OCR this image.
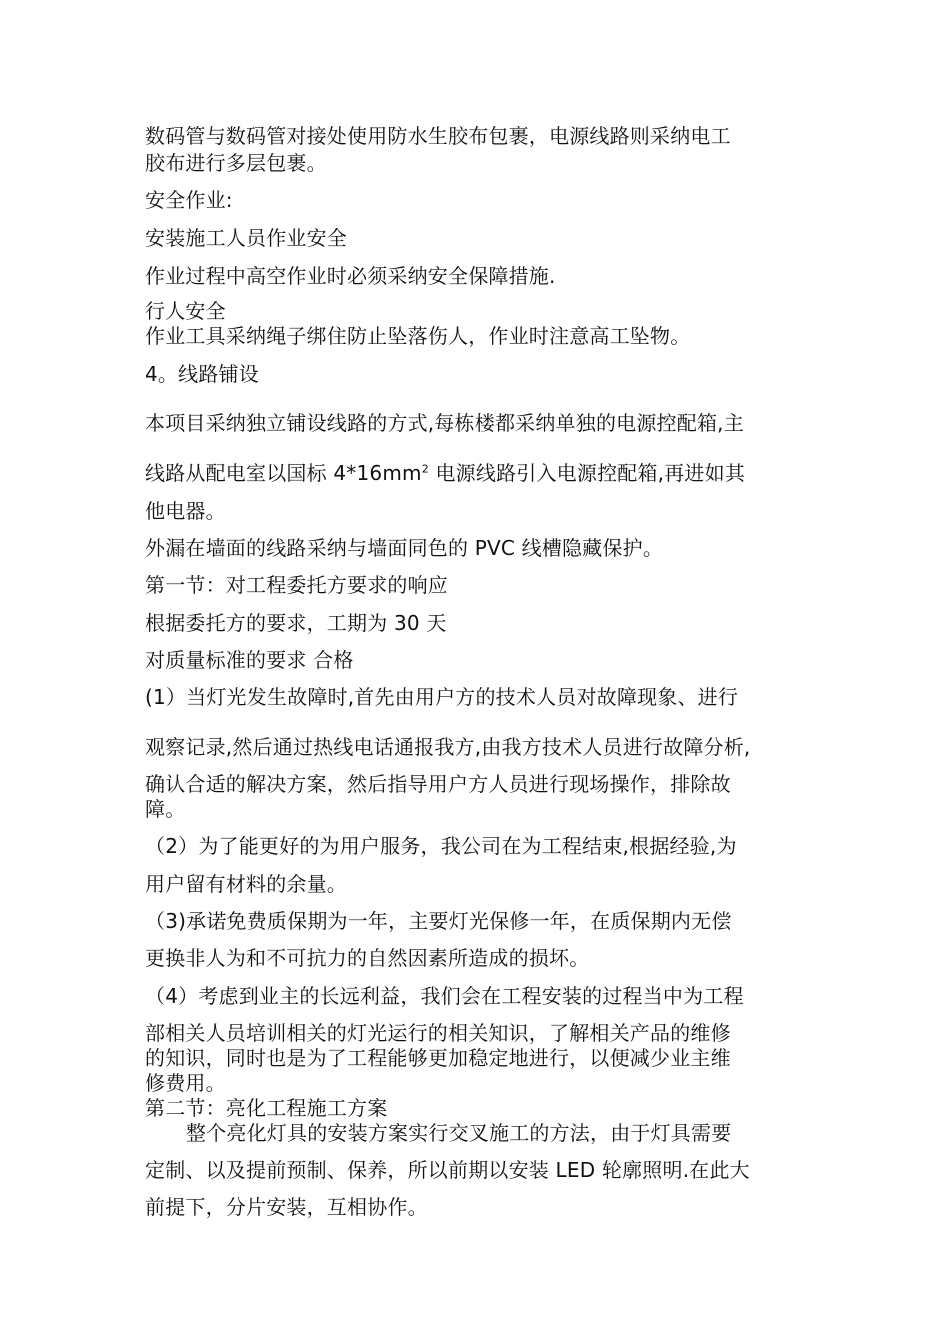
数码管与数码管对接处使用防水生胶布包裹，电源线路则采纳电工
胶布进行多层包裹。
安全作业:
安装施工人员作业安全
作业过程中高空作业时必须采纳安全保障措施.
行人安全
作业工具采纳绳子绑住防止坠落伤人，作业时注意高工坠物。
4。线路铺设
本项目采纳独立铺设线路的方式,每栋楼都采纳单独的电源控配箱,主
线路从配电室以国标 $4*16mm^2$ 电源线路引入电源控配箱,再进如其
他电器。
外漏在墙面的线路采纳与墙面同色的 PVC 线槽隐藏保护。
第一节：对工程委托方要求的响应
根据委托方的要求，工期为 30 天
对质量标准的要求 合格
(1）当灯光发生故障时,首先由用户方的技术人员对故障现象、进行
观察记录,然后通过热线电话通报我方,由我方技术人员进行故障分析,
确认合适的解决方案，然后指导用户方人员进行现场操作，排除故
障。
（2）为了能更好的为用户服务，我公司在为工程结束,根据经验,为
用户留有材料的余量。
（3)承诺免费质保期为一年，主要灯光保修一年，在质保期内无偿
更换非人为和不可抗力的自然因素所造成的损坏。
（4）考虑到业主的长远利益，我们会在工程安装的过程当中为工程
部相关人员培训相关的灯光运行的相关知识，了解相关产品的维修
的知识，同时也是为了工程能够更加稳定地进行，以便减少业主维
修费用。
第二节：亮化工程施工方案
整个亮化灯具的安装方案实行交叉施工的方法，由于灯具需要
定制、以及提前预制、保养，所以前期以安装 LED 轮廓照明.在此大
前提下，分片安装，互相协作。
